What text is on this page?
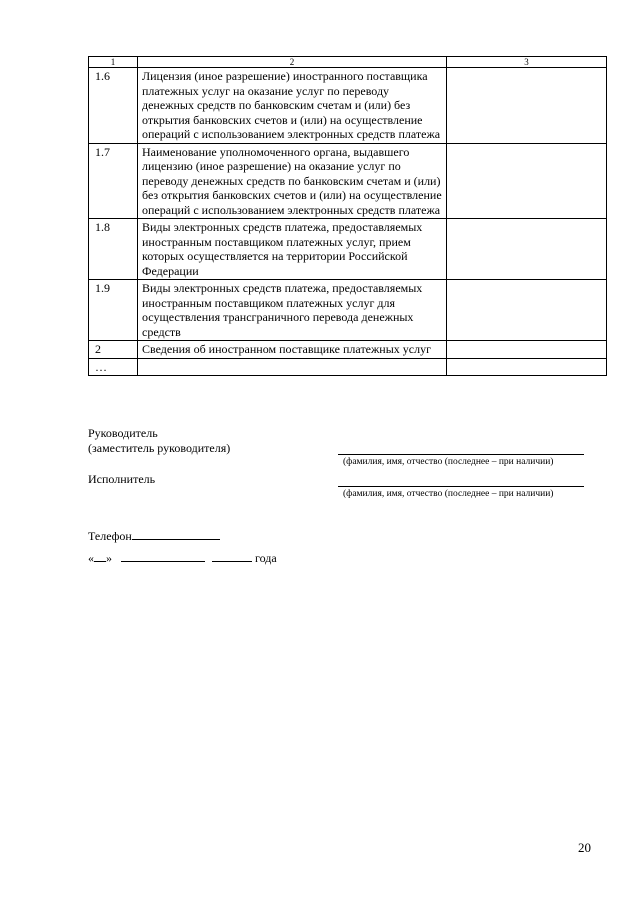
1	2	3
1.6	Лицензия (иное разрешение) иностранного поставщика платежных услуг на оказание услуг по переводу денежных средств по банковским счетам и (или) без открытия банковских счетов и (или) на осуществление операций с использованием электронных средств платежа	
1.7	Наименование уполномоченного органа, выдавшего лицензию (иное разрешение) на оказание услуг по переводу денежных средств по банковским счетам и (или) без открытия банковских счетов и (или) на осуществление операций с использованием электронных средств платежа	
1.8	Виды электронных средств платежа, предоставляемых иностранным поставщиком платежных услуг, прием которых осуществляется на территории Российской Федерации	
1.9	Виды электронных средств платежа, предоставляемых иностранным поставщиком платежных услуг для осуществления трансграничного перевода денежных средств	
2	Сведения об иностранном поставщике платежных услуг	
…		
Руководитель
(заместитель руководителя)
(фамилия, имя, отчество (последнее – при наличии)
Исполнитель
(фамилия, имя, отчество (последнее – при наличии)
Телефон
« »	года
20
